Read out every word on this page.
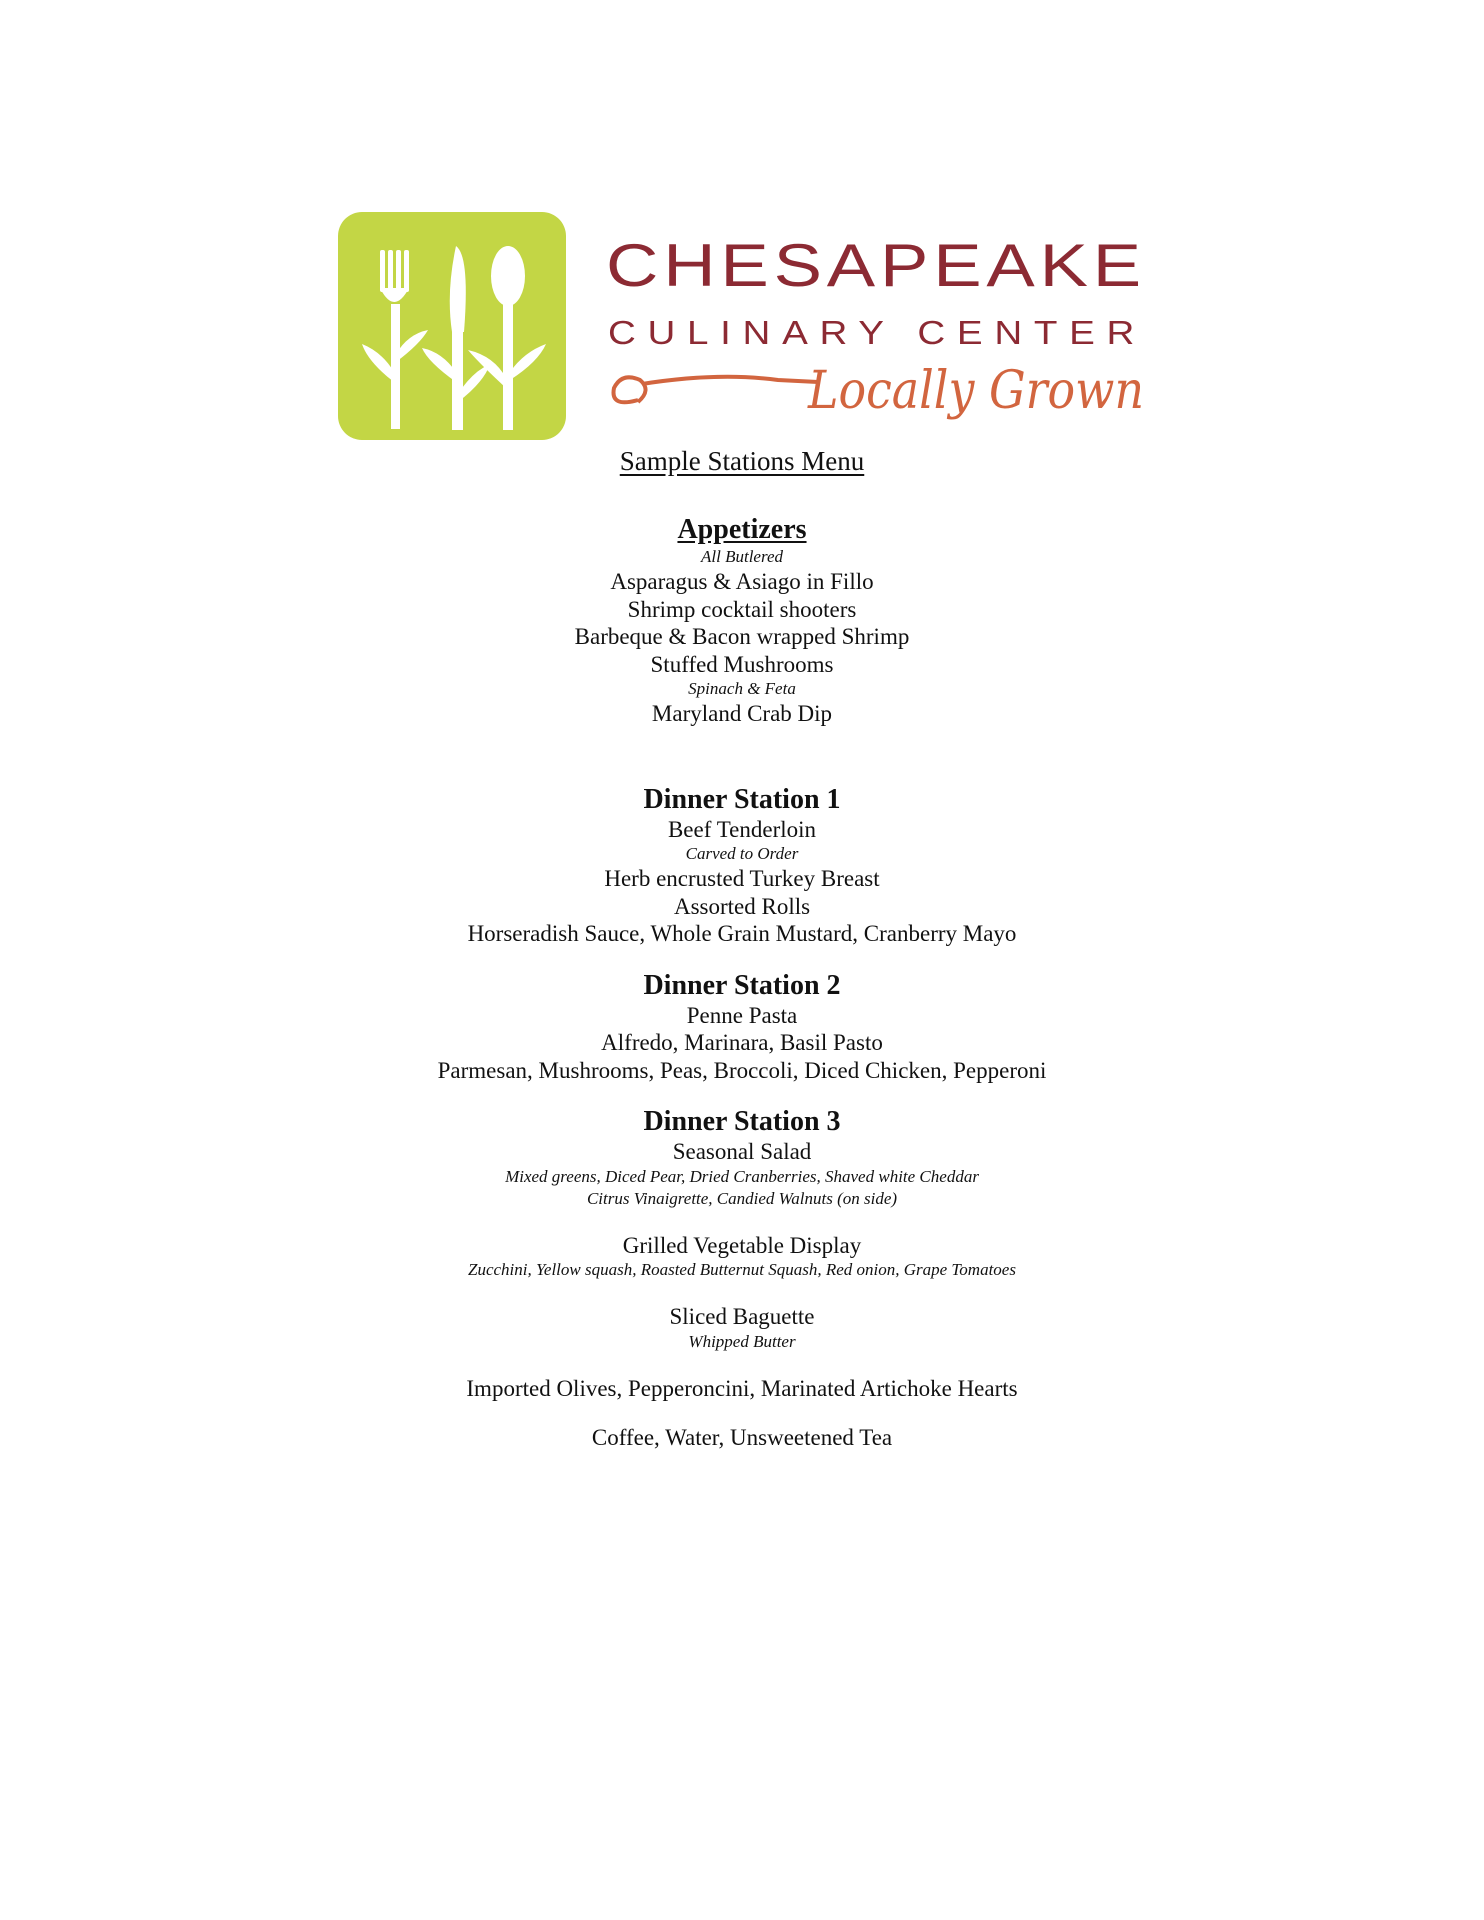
CHESAPEAKE
CULINARY CENTER
Locally Grown
Sample Stations Menu
Appetizers
All Butlered
Asparagus & Asiago in Fillo
Shrimp cocktail shooters
Barbeque & Bacon wrapped Shrimp
Stuffed Mushrooms
Spinach & Feta
Maryland Crab Dip
Dinner Station 1
Beef Tenderloin
Carved to Order
Herb encrusted Turkey Breast
Assorted Rolls
Horseradish Sauce, Whole Grain Mustard, Cranberry Mayo
Dinner Station 2
Penne Pasta
Alfredo, Marinara, Basil Pasto
Parmesan, Mushrooms, Peas, Broccoli, Diced Chicken, Pepperoni
Dinner Station 3
Seasonal Salad
Mixed greens, Diced Pear, Dried Cranberries, Shaved white Cheddar
Citrus Vinaigrette, Candied Walnuts (on side)
Grilled Vegetable Display
Zucchini, Yellow squash, Roasted Butternut Squash, Red onion, Grape Tomatoes
Sliced Baguette
Whipped Butter
Imported Olives, Pepperoncini, Marinated Artichoke Hearts
Coffee, Water, Unsweetened Tea
